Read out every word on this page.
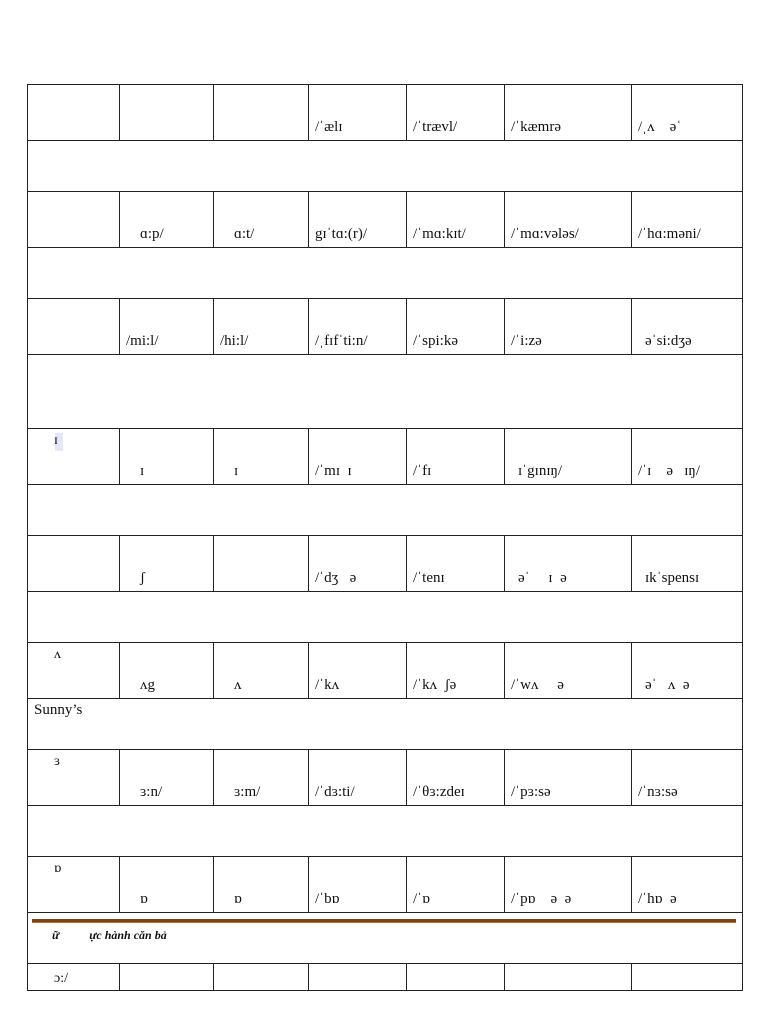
			/ˈælɪ	/ˈtrævl/	/ˈkæmrə	/ˌʌ    əˈ

	ɑ:p/	ɑ:t/	gɪˈtɑ:(r)/	/ˈmɑ:kɪt/	/ˈmɑ:vələs/	/ˈhɑ:məni/

	/mi:l/	/hi:l/	/ˌfɪfˈti:n/	/ˈspi:kə	/ˈi:zə	əˈsi:dʒə

ɪ	ɪ	ɪ	/ˈmɪ  ɪ	/ˈfɪ	ɪˈgɪnɪŋ/	/ˈɪ    ə   ɪŋ/

	ʃ		/ˈdʒ   ə	/ˈtenɪ	əˈ     ɪ  ə	ɪkˈspensɪ

ʌ	ʌg	ʌ	/ˈkʌ	/ˈkʌ  ʃə	/ˈwʌ     ə	əˈ   ʌ  ə
Sunny’s						
ɜ	ɜ:n/	ɜ:m/	/ˈdɜ:ti/	/ˈθɜ:zdeɪ	/ˈpɜ:sə	/ˈnɜ:sə

ɒ	ɒ	ɒ	/ˈbɒ	/ˈɒ	/ˈpɒ    ə  ə	/ˈhɒ  ə

ɔ:/						
ữ          ực hành căn bả
